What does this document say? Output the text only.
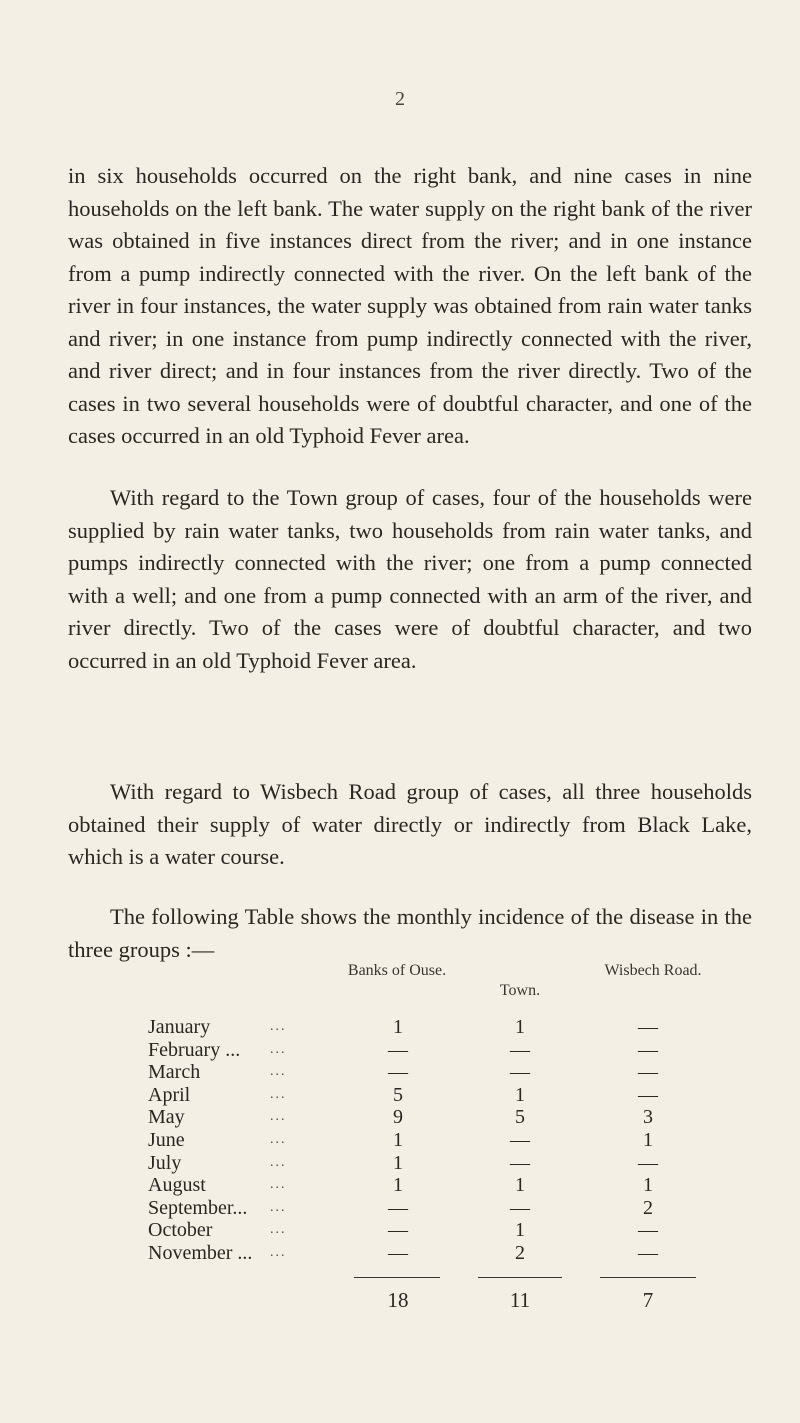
2
in six households occurred on the right bank, and nine cases in nine households on the left bank. The water supply on the right bank of the river was obtained in five instances direct from the river; and in one instance from a pump indirectly connected with the river. On the left bank of the river in four instances, the water supply was obtained from rain water tanks and river; in one instance from pump indirectly connected with the river, and river direct; and in four instances from the river directly. Two of the cases in two several households were of doubtful character, and one of the cases occurred in an old Typhoid Fever area.
With regard to the Town group of cases, four of the households were supplied by rain water tanks, two households from rain water tanks, and pumps indirectly connected with the river; one from a pump connected with a well; and one from a pump connected with an arm of the river, and river directly. Two of the cases were of doubtful character, and two occurred in an old Typhoid Fever area.
With regard to Wisbech Road group of cases, all three households obtained their supply of water directly or indirectly from Black Lake, which is a water course.
The following Table shows the monthly incidence of the disease in the three groups :—
Banks of Ouse.
Town.
Wisbech Road.
January	...	1	1	—
February ...	...	—	—	—
March	...	—	—	—
April	...	5	1	—
May	...	9	5	3
June	...	1	—	1
July	...	1	—	—
August	...	1	1	1
September...	...	—	—	2
October	...	—	1	—
November ...	...	—	2	—
18	11	7
